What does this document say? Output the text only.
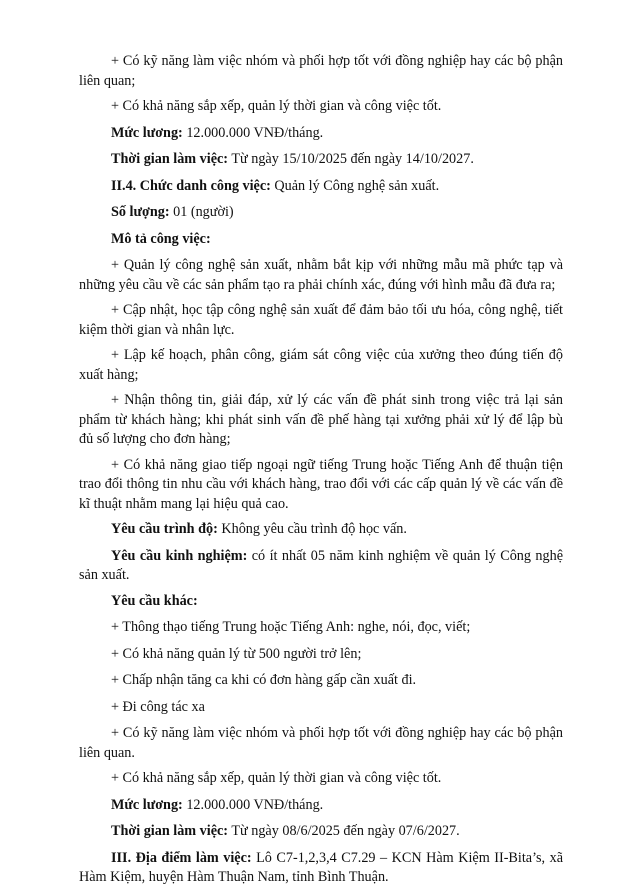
+ Có kỹ năng làm việc nhóm và phối hợp tốt với đồng nghiệp hay các bộ phận liên quan;

+ Có khả năng sắp xếp, quản lý thời gian và công việc tốt.

Mức lương: 12.000.000 VNĐ/tháng.

Thời gian làm việc: Từ ngày 15/10/2025 đến ngày 14/10/2027.

II.4. Chức danh công việc: Quản lý Công nghệ sản xuất.

Số lượng: 01 (người)

Mô tả công việc:

+ Quản lý công nghệ sản xuất, nhằm bắt kịp với những mẫu mã phức tạp và những yêu cầu về các sản phẩm tạo ra phải chính xác, đúng với hình mẫu đã đưa ra;

+ Cập nhật, học tập công nghệ sản xuất để đảm bảo tối ưu hóa, công nghệ, tiết kiệm thời gian và nhân lực.

+ Lập kế hoạch, phân công, giám sát công việc của xưởng theo đúng tiến độ xuất hàng;

+ Nhận thông tin, giải đáp, xử lý các vấn đề phát sinh trong việc trả lại sản phẩm từ khách hàng; khi phát sinh vấn đề phế hàng tại xưởng phải xử lý để lập bù đủ số lượng cho đơn hàng;

+ Có khả năng giao tiếp ngoại ngữ tiếng Trung hoặc Tiếng Anh để thuận tiện trao đổi thông tin nhu cầu với khách hàng, trao đổi với các cấp quản lý về các vấn đề kĩ thuật nhằm mang lại hiệu quả cao.

Yêu cầu trình độ: Không yêu cầu trình độ học vấn.

Yêu cầu kinh nghiệm: có ít nhất 05 năm kinh nghiệm về quản lý Công nghệ sản xuất.

Yêu cầu khác:

+ Thông thạo tiếng Trung hoặc Tiếng Anh: nghe, nói, đọc, viết;

+ Có khả năng quản lý từ 500 người trở lên;

+ Chấp nhận tăng ca khi có đơn hàng gấp cần xuất đi.

+ Đi công tác xa

+ Có kỹ năng làm việc nhóm và phối hợp tốt với đồng nghiệp hay các bộ phận liên quan.

+ Có khả năng sắp xếp, quản lý thời gian và công việc tốt.

Mức lương: 12.000.000 VNĐ/tháng.

Thời gian làm việc: Từ ngày 08/6/2025 đến ngày 07/6/2027.

III. Địa điểm làm việc: Lô C7-1,2,3,4 C7.29 – KCN Hàm Kiệm II-Bita’s, xã Hàm Kiệm, huyện Hàm Thuận Nam, tỉnh Bình Thuận.
